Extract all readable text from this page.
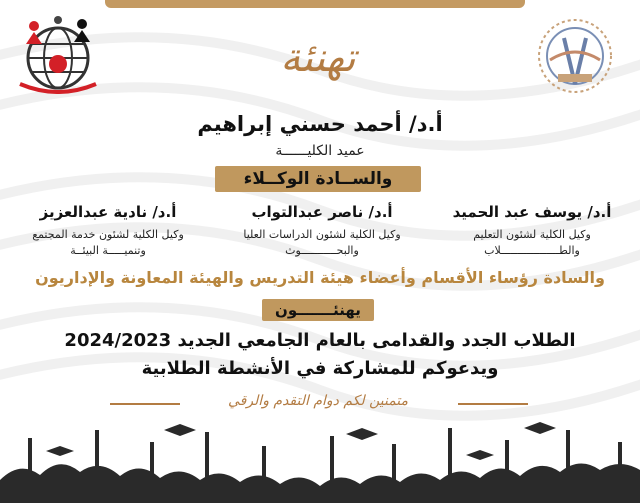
تهنئة
أ.د/ أحمد حسني إبراهيم
عميد الكليــــــة
والســادة الوكــلاء
أ.د/ يوسف عبد الحميد
وكيل الكلية لشئون التعليم
والطــــــــــــــــــلاب
أ.د/ ناصر عبدالتواب
وكيل الكلية لشئون الدراسات العليا
والبحـــــــــــوث
أ.د/ نادية عبدالعزيز
وكيل الكلية لشئون خدمة المجتمع
وتنميـــــة البيئــة
والسادة رؤساء الأقسام وأعضاء هيئة التدريس والهيئة المعاونة والإداريون
يهنئـــــــون
الطلاب الجدد والقدامى بالعام الجامعي الجديد 2024/2023
ويدعوكم للمشاركة في الأنشطة الطلابية
متمنين لكم دوام التقدم والرقي
